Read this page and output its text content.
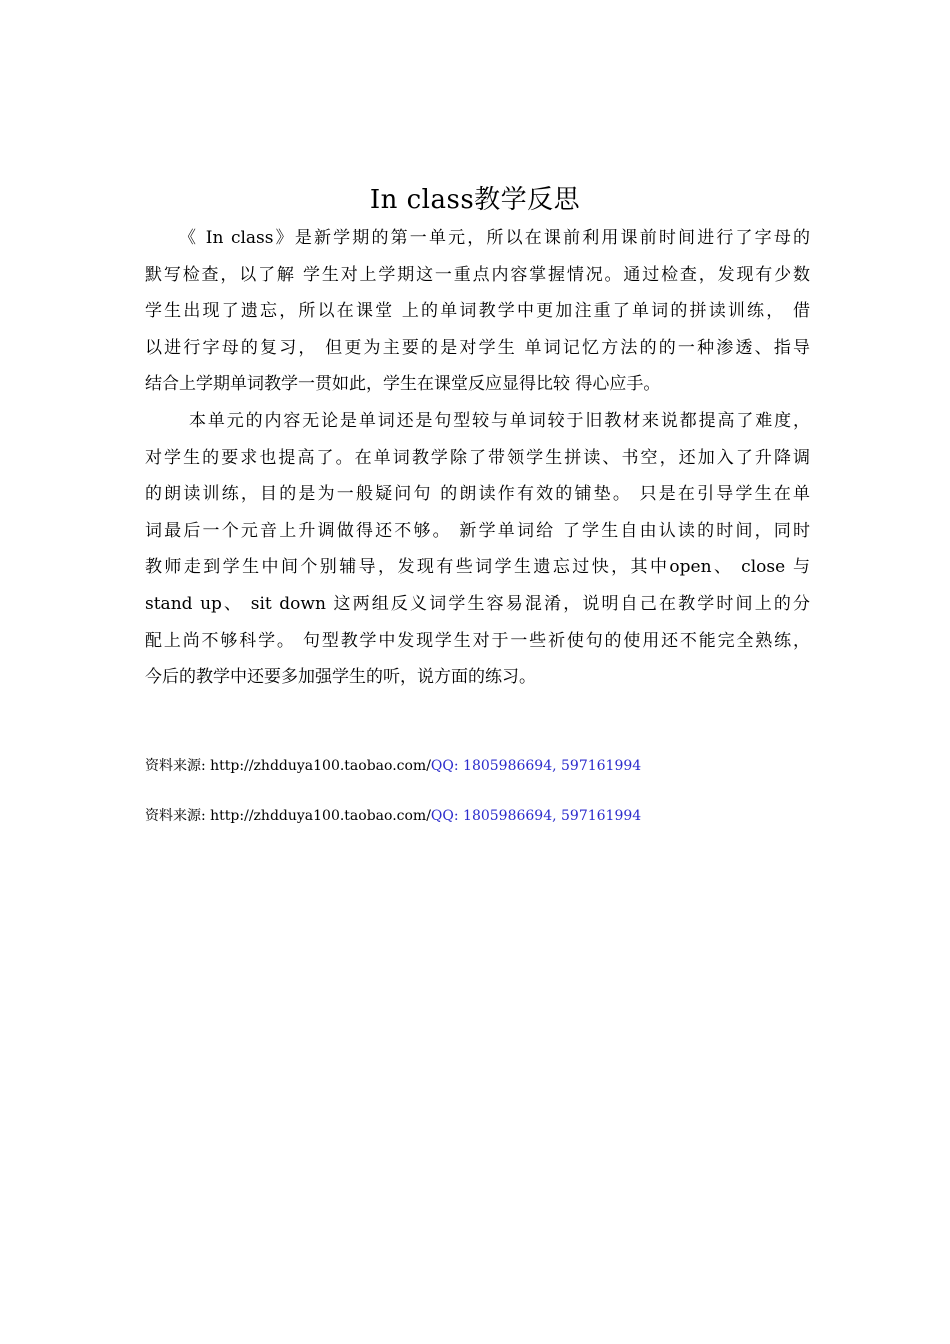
In class教学反思
《 In class》是新学期的第一单元，所以在课前利用课前时间进行了字母的
默写检查，以了解 学生对上学期这一重点内容掌握情况。通过检查，发现有少数
学生出现了遗忘，所以在课堂 上的单词教学中更加注重了单词的拼读训练， 借
以进行字母的复习， 但更为主要的是对学生 单词记忆方法的的一种渗透、指导
结合上学期单词教学一贯如此，学生在课堂反应显得比较 得心应手。
本单元的内容无论是单词还是句型较与单词较于旧教材来说都提高了难度，
对学生的要求也提高了。在单词教学除了带领学生拼读、书空，还加入了升降调
的朗读训练，目的是为一般疑问句 的朗读作有效的铺垫。 只是在引导学生在单
词最后一个元音上升调做得还不够。 新学单词给 了学生自由认读的时间，同时
教师走到学生中间个别辅导，发现有些词学生遗忘过快，其中open、 close 与
stand up、 sit down 这两组反义词学生容易混淆，说明自己在教学时间上的分
配上尚不够科学。 句型教学中发现学生对于一些祈使句的使用还不能完全熟练，
今后的教学中还要多加强学生的听，说方面的练习。
资料来源: http://zhdduya100.taobao.com/QQ: 1805986694, 597161994
资料来源: http://zhdduya100.taobao.com/QQ: 1805986694, 597161994
